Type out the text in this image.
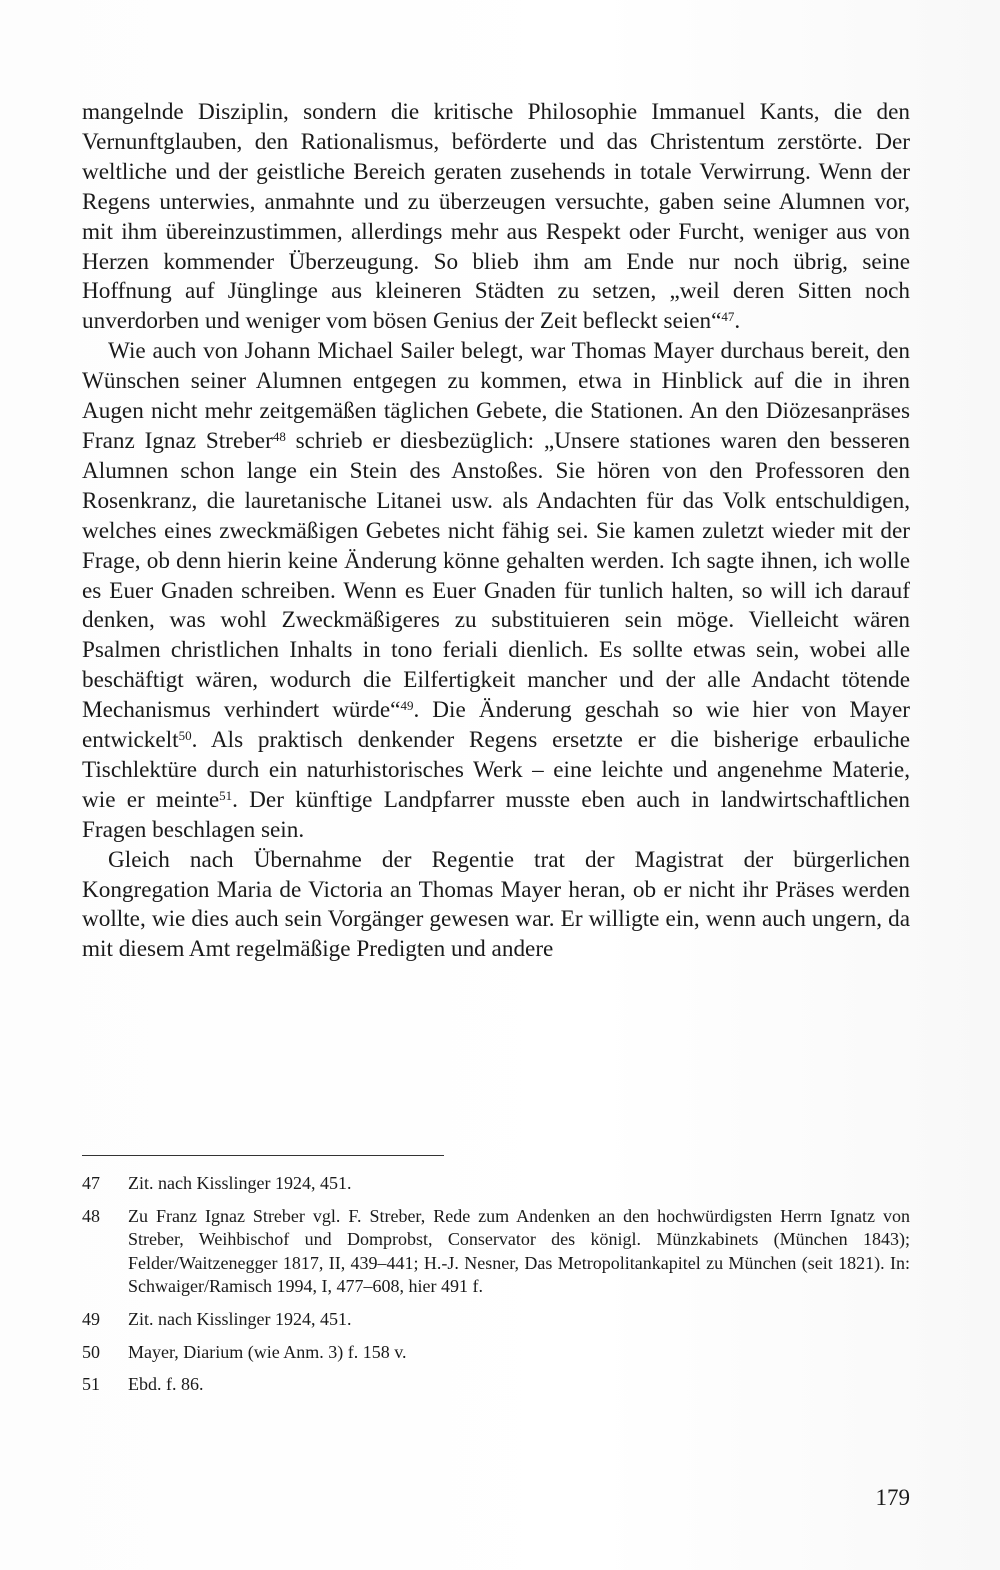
mangelnde Disziplin, sondern die kritische Philosophie Immanuel Kants, die den Vernunftglauben, den Rationalismus, beförderte und das Christentum zerstörte. Der weltliche und der geistliche Bereich geraten zusehends in totale Verwirrung. Wenn der Regens unterwies, anmahnte und zu überzeugen versuchte, gaben seine Alumnen vor, mit ihm übereinzustimmen, allerdings mehr aus Respekt oder Furcht, weniger aus von Herzen kommender Überzeugung. So blieb ihm am Ende nur noch übrig, seine Hoffnung auf Jünglinge aus kleineren Städten zu setzen, „weil deren Sitten noch unverdorben und weniger vom bösen Genius der Zeit befleckt seien“$^{47}$.

Wie auch von Johann Michael Sailer belegt, war Thomas Mayer durchaus bereit, den Wünschen seiner Alumnen entgegen zu kommen, etwa in Hinblick auf die in ihren Augen nicht mehr zeitgemäßen täglichen Gebete, die Stationen. An den Diözesanpräses Franz Ignaz Streber$^{48}$ schrieb er diesbezüglich: „Unsere stationes waren den besseren Alumnen schon lange ein Stein des Anstoßes. Sie hören von den Professoren den Rosenkranz, die lauretanische Litanei usw. als Andachten für das Volk entschuldigen, welches eines zweckmäßigen Gebetes nicht fähig sei. Sie kamen zuletzt wieder mit der Frage, ob denn hierin keine Änderung könne gehalten werden. Ich sagte ihnen, ich wolle es Euer Gnaden schreiben. Wenn es Euer Gnaden für tunlich halten, so will ich darauf denken, was wohl Zweckmäßigeres zu substituieren sein möge. Vielleicht wären Psalmen christlichen Inhalts in tono feriali dienlich. Es sollte etwas sein, wobei alle beschäftigt wären, wodurch die Eilfertigkeit mancher und der alle Andacht tötende Mechanismus verhindert würde“$^{49}$. Die Änderung geschah so wie hier von Mayer entwickelt$^{50}$. Als praktisch denkender Regens ersetzte er die bisherige erbauliche Tischlektüre durch ein naturhistorisches Werk – eine leichte und angenehme Materie, wie er meinte$^{51}$. Der künftige Landpfarrer musste eben auch in landwirtschaftlichen Fragen beschlagen sein.

Gleich nach Übernahme der Regentie trat der Magistrat der bürgerlichen Kongregation Maria de Victoria an Thomas Mayer heran, ob er nicht ihr Präses werden wollte, wie dies auch sein Vorgänger gewesen war. Er willigte ein, wenn auch ungern, da mit diesem Amt regelmäßige Predigten und andere

47	Zit. nach Kisslinger 1924, 451.
48	Zu Franz Ignaz Streber vgl. F. Streber, Rede zum Andenken an den hochwürdigsten Herrn Ignatz von Streber, Weihbischof und Domprobst, Conservator des königl. Münzkabinets (München 1843); Felder/Waitzenegger 1817, II, 439–441; H.-J. Nesner, Das Metropolitankapitel zu München (seit 1821). In: Schwaiger/Ramisch 1994, I, 477–608, hier 491 f.
49	Zit. nach Kisslinger 1924, 451.
50	Mayer, Diarium (wie Anm. 3) f. 158 v.
51	Ebd. f. 86.
179
